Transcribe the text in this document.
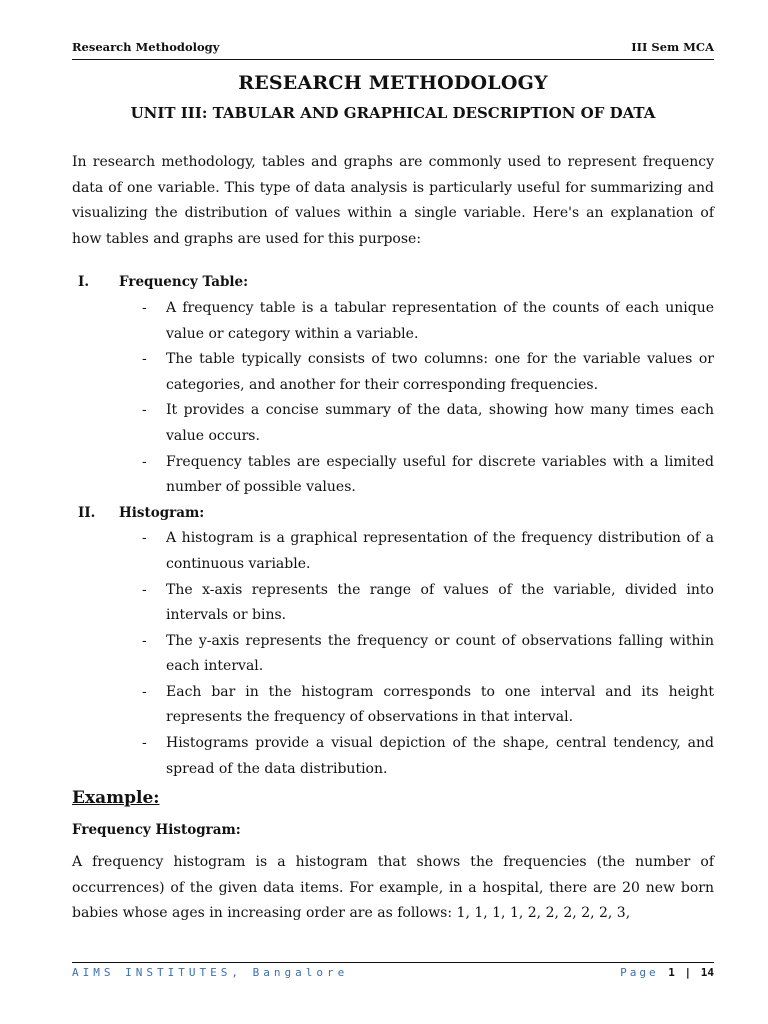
Research Methodology	III Sem MCA
RESEARCH METHODOLOGY
UNIT III: TABULAR AND GRAPHICAL DESCRIPTION OF DATA

In research methodology, tables and graphs are commonly used to represent frequency data of one variable. This type of data analysis is particularly useful for summarizing and visualizing the distribution of values within a single variable. Here's an explanation of how tables and graphs are used for this purpose:

I.	Frequency Table:
- A frequency table is a tabular representation of the counts of each unique value or category within a variable.
- The table typically consists of two columns: one for the variable values or categories, and another for their corresponding frequencies.
- It provides a concise summary of the data, showing how many times each value occurs.
- Frequency tables are especially useful for discrete variables with a limited number of possible values.
II.	Histogram:
- A histogram is a graphical representation of the frequency distribution of a continuous variable.
- The x-axis represents the range of values of the variable, divided into intervals or bins.
- The y-axis represents the frequency or count of observations falling within each interval.
- Each bar in the histogram corresponds to one interval and its height represents the frequency of observations in that interval.
- Histograms provide a visual depiction of the shape, central tendency, and spread of the data distribution.
Example:
Frequency Histogram:

A frequency histogram is a histogram that shows the frequencies (the number of occurrences) of the given data items. For example, in a hospital, there are 20 new born babies whose ages in increasing order are as follows: 1, 1, 1, 1, 2, 2, 2, 2, 2, 3,

AIMS INSTITUTES, Bangalore	Page 1 | 14
